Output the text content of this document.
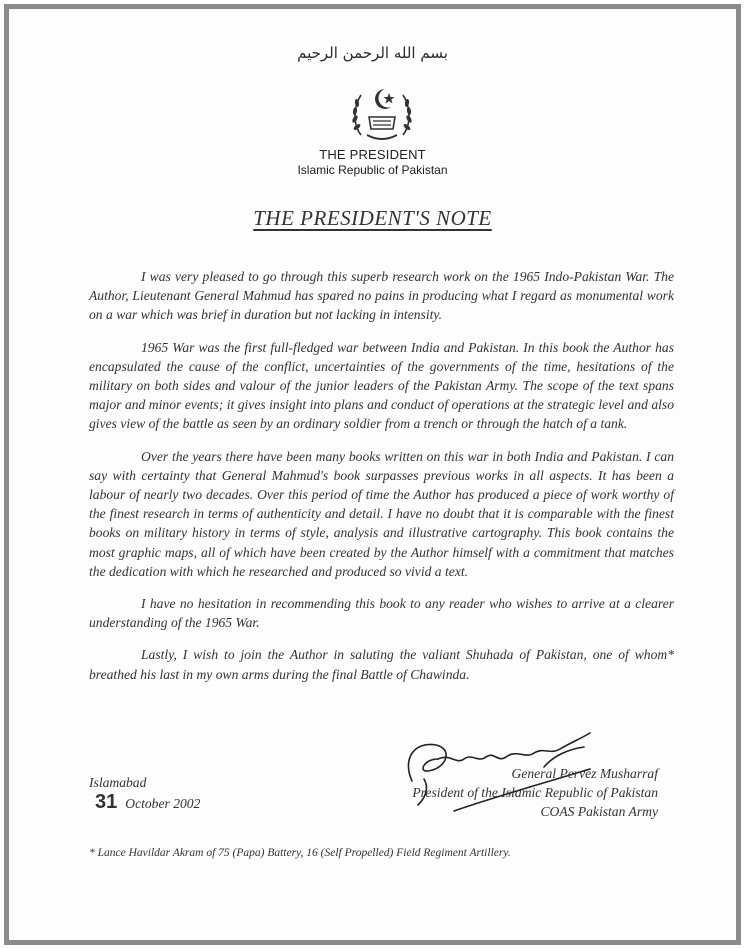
بسم الله الرحمن الرحيم
THE PRESIDENT
Islamic Republic of Pakistan
THE PRESIDENT'S NOTE

I was very pleased to go through this superb research work on the 1965 Indo-Pakistan War. The Author, Lieutenant General Mahmud has spared no pains in producing what I regard as monumental work on a war which was brief in duration but not lacking in intensity.

1965 War was the first full-fledged war between India and Pakistan. In this book the Author has encapsulated the cause of the conflict, uncertainties of the governments of the time, hesitations of the military on both sides and valour of the junior leaders of the Pakistan Army. The scope of the text spans major and minor events; it gives insight into plans and conduct of operations at the strategic level and also gives view of the battle as seen by an ordinary soldier from a trench or through the hatch of a tank.

Over the years there have been many books written on this war in both India and Pakistan. I can say with certainty that General Mahmud's book surpasses previous works in all aspects. It has been a labour of nearly two decades. Over this period of time the Author has produced a piece of work worthy of the finest research in terms of authenticity and detail. I have no doubt that it is comparable with the finest books on military history in terms of style, analysis and illustrative cartography. This book contains the most graphic maps, all of which have been created by the Author himself with a commitment that matches the dedication with which he researched and produced so vivid a text.

I have no hesitation in recommending this book to any reader who wishes to arrive at a clearer understanding of the 1965 War.

Lastly, I wish to join the Author in saluting the valiant Shuhada of Pakistan, one of whom* breathed his last in my own arms during the final Battle of Chawinda.

General Pervez Musharraf
President of the Islamic Republic of Pakistan
COAS Pakistan Army
Islamabad
31 October 2002
* Lance Havildar Akram of 75 (Papa) Battery, 16 (Self Propelled) Field Regiment Artillery.
